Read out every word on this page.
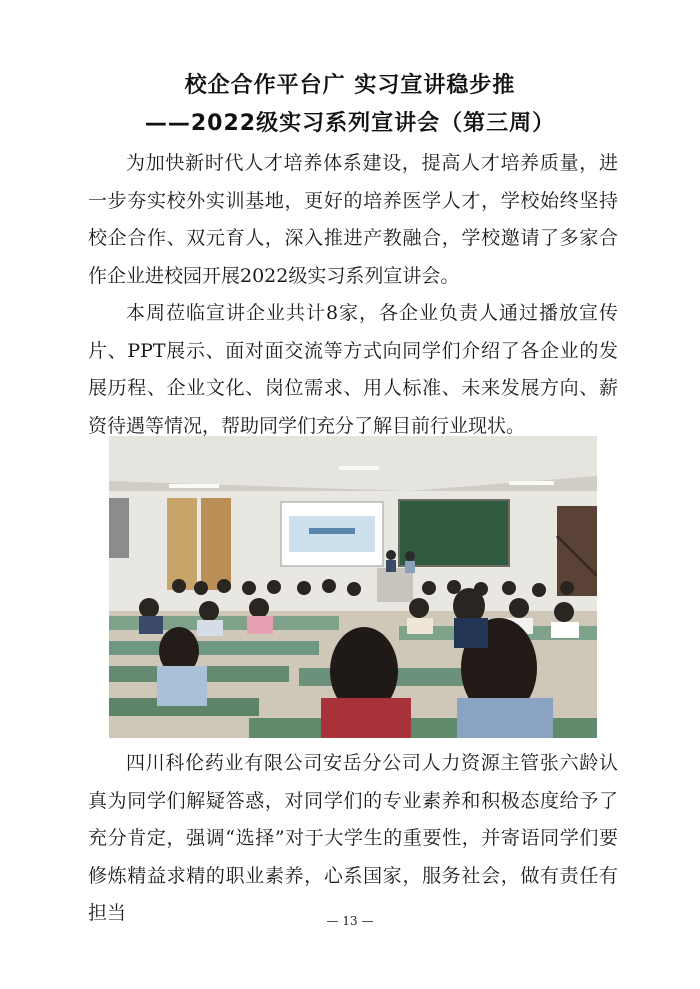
校企合作平台广 实习宣讲稳步推
——2022级实习系列宣讲会（第三周）

为加快新时代人才培养体系建设，提高人才培养质量，进一步夯实校外实训基地，更好的培养医学人才，学校始终坚持校企合作、双元育人，深入推进产教融合，学校邀请了多家合作企业进校园开展2022级实习系列宣讲会。

本周莅临宣讲企业共计8家，各企业负责人通过播放宣传片、PPT展示、面对面交流等方式向同学们介绍了各企业的发展历程、企业文化、岗位需求、用人标准、未来发展方向、薪资待遇等情况，帮助同学们充分了解目前行业现状。

四川科伦药业有限公司安岳分公司人力资源主管张六龄认真为同学们解疑答惑，对同学们的专业素养和积极态度给予了充分肯定，强调“选择”对于大学生的重要性，并寄语同学们要修炼精益求精的职业素养，心系国家，服务社会，做有责任有担当	— 13 —
